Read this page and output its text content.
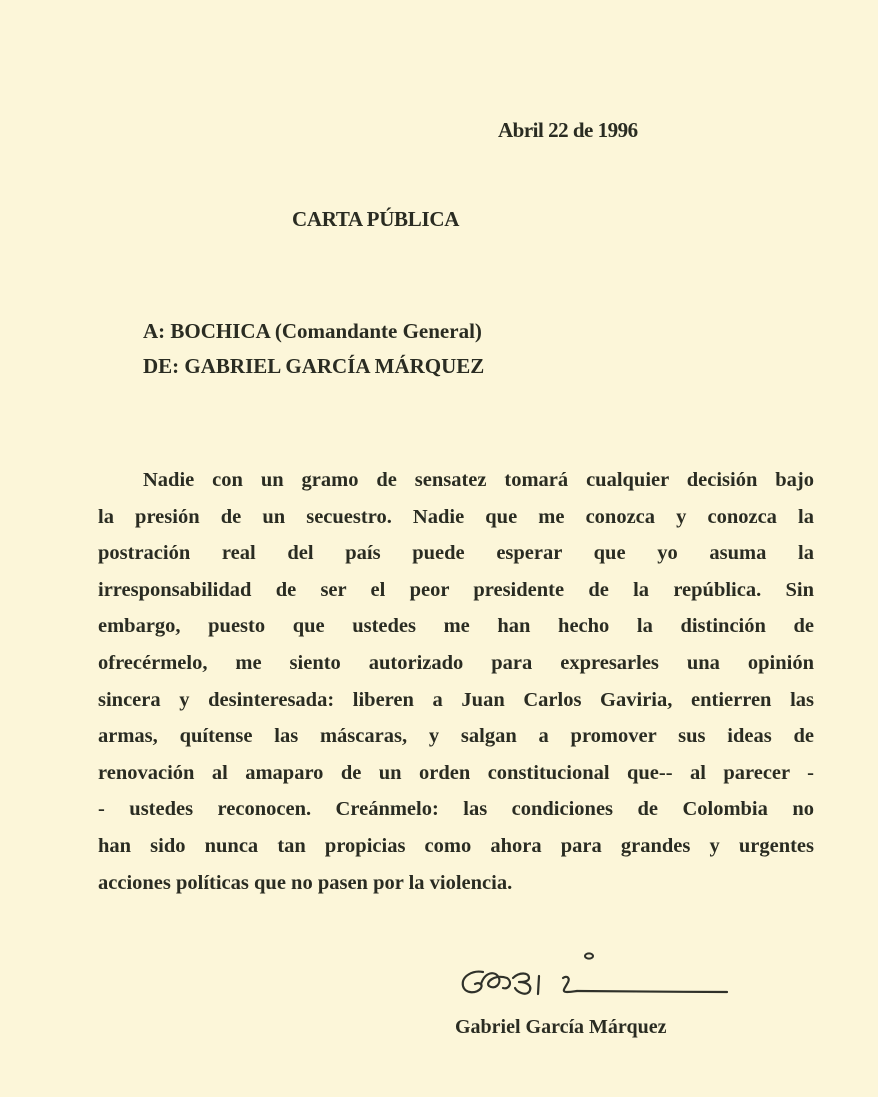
Abril 22 de 1996
CARTA PÚBLICA
A: BOCHICA (Comandante General)
DE: GABRIEL GARCÍA MÁRQUEZ
Nadie con un gramo de sensatez tomará cualquier decisión bajo
la presión de un secuestro. Nadie que me conozca y conozca la
postración real del país puede esperar que yo asuma la
irresponsabilidad de ser el peor presidente de la república. Sin
embargo, puesto que ustedes me han hecho la distinción de
ofrecérmelo, me siento autorizado para expresarles una opinión
sincera y desinteresada: liberen a Juan Carlos Gaviria, entierren las
armas, quítense las máscaras, y salgan a promover sus ideas de
renovación al amaparo de un orden constitucional que-- al parecer -
- ustedes reconocen. Creánmelo: las condiciones de Colombia no
han sido nunca tan propicias como ahora para grandes y urgentes
acciones políticas que no pasen por la violencia.
Gabriel García Márquez
